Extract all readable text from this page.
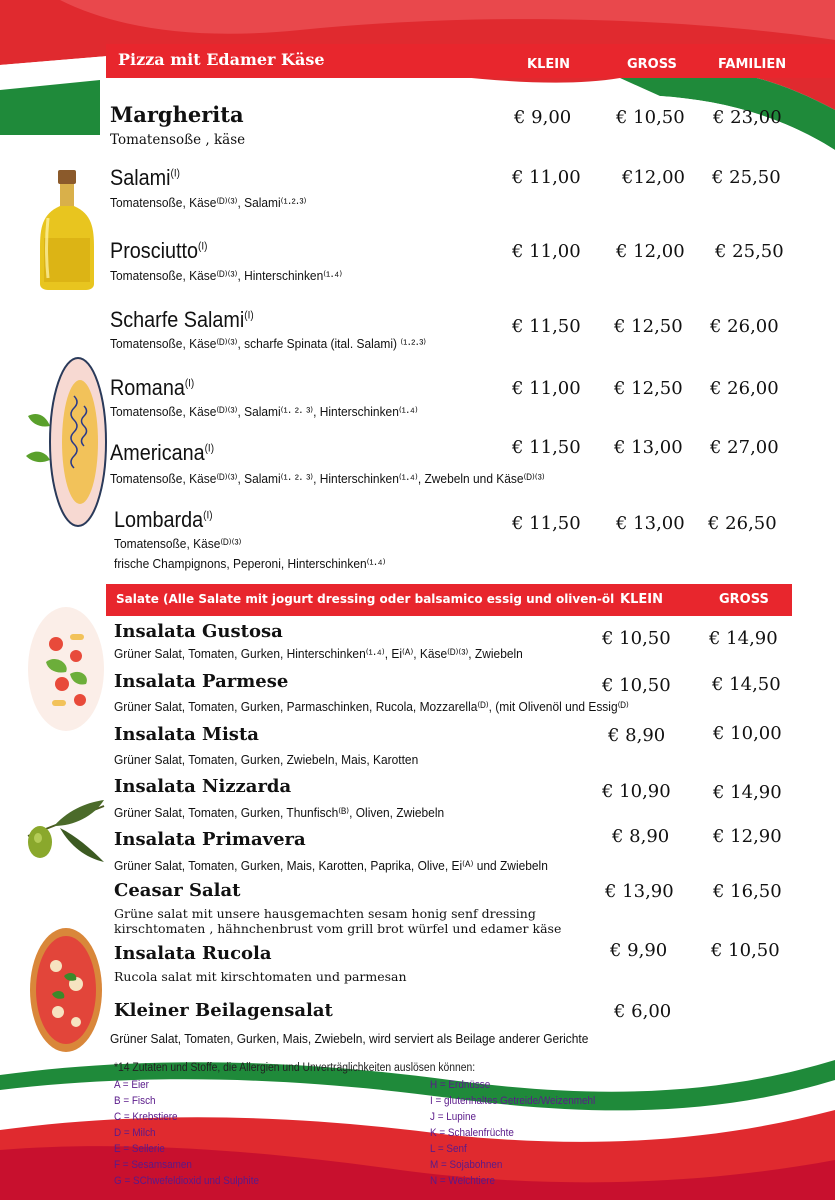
Pizza mit Edamer Käse	KLEIN	GROSS	FAMILIEN
Margherita
Tomatensoße , käse
€ 9,00 € 10,50 € 23,00
Salami$^{(I)}$
Tomatensoße, Käse⁽ᴰ⁾⁽³⁾, Salami⁽¹·²·³⁾
€ 11,00 €12,00 € 25,50
Prosciutto$^{(I)}$
Tomatensoße, Käse⁽ᴰ⁾⁽³⁾, Hinterschinken⁽¹·⁴⁾
€ 11,00 € 12,00 € 25,50
Scharfe Salami$^{(I)}$
Tomatensoße, Käse⁽ᴰ⁾⁽³⁾, scharfe Spinata (ital. Salami) ⁽¹·²·³⁾
€ 11,50 € 12,50 € 26,00
Romana$^{(I)}$
Tomatensoße, Käse⁽ᴰ⁾⁽³⁾, Salami⁽¹· ²· ³⁾, Hinterschinken⁽¹·⁴⁾
€ 11,00 € 12,50 € 26,00
Americana$^{(I)}$
Tomatensoße, Käse⁽ᴰ⁾⁽³⁾, Salami⁽¹· ²· ³⁾, Hinterschinken⁽¹·⁴⁾, Zwebeln und Käse⁽ᴰ⁾⁽³⁾
€ 11,50 € 13,00 € 27,00
Lombarda$^{(I)}$
Tomatensoße, Käse⁽ᴰ⁾⁽³⁾
frische Champignons, Peperoni, Hinterschinken⁽¹·⁴⁾
€ 11,50 € 13,00 € 26,50
Salate (Alle Salate mit jogurt dressing oder balsamico essig und oliven-öl KLEIN	GROSS
Insalata Gustosa
Grüner Salat, Tomaten, Gurken, Hinterschinken⁽¹·⁴⁾, Ei⁽ᴬ⁾, Käse⁽ᴰ⁾⁽³⁾, Zwiebeln
€ 10,50 € 14,90
Insalata Parmese
Grüner Salat, Tomaten, Gurken, Parmaschinken, Rucola, Mozzarella⁽ᴰ⁾, (mit Olivenöl und Essig⁽ᴰ⁾
€ 10,50 € 14,50
Insalata Mista
Grüner Salat, Tomaten, Gurken, Zwiebeln, Mais, Karotten
€ 8,90	€ 10,00
Insalata Nizzarda
Grüner Salat, Tomaten, Gurken, Thunfisch⁽ᴮ⁾, Oliven, Zwiebeln
€ 10,90 € 14,90
Insalata Primavera
Grüner Salat, Tomaten, Gurken, Mais, Karotten, Paprika, Olive, Ei⁽ᴬ⁾ und Zwiebeln
€ 8,90 € 12,90
Ceasar Salat
Grüne salat mit unsere hausgemachten sesam honig senf dressing
kirschtomaten , hähnchenbrust vom grill brot würfel und edamer käse
€ 13,90 € 16,50
Insalata Rucola
Rucola salat mit kirschtomaten und parmesan
€ 9,90 € 10,50
Kleiner Beilagensalat
Grüner Salat, Tomaten, Gurken, Mais, Zwiebeln, wird serviert als Beilage anderer Gerichte
€ 6,00
*14 Zutaten und Stoffe, die Allergien und Unverträglichkeiten auslösen können:
A = Eier
B = Fisch
C = Krebstiere
D = Milch
E = Sellerie
F = Sesamsamen
G = SChwefeldioxid und Sulphite
H = Erdnüsse
I = glutenhaltes Getreide/Weizenmehl
J = Lupine
K = Schalenfrüchte
L = Senf
M = Sojabohnen
N = Weichtiere
